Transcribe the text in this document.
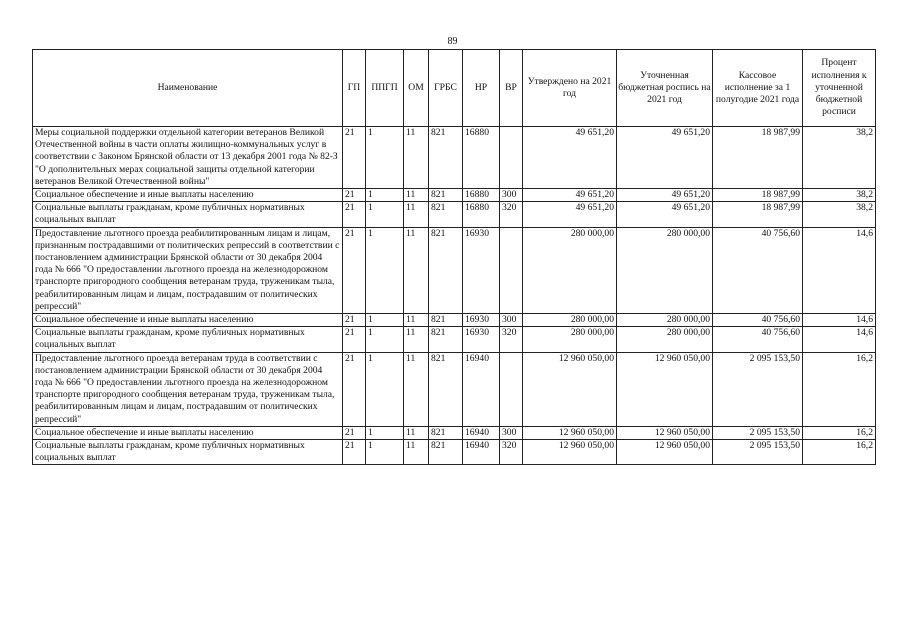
89
Наименование	ГП	ППГП	ОМ	ГРБС	НР	ВР	Утверждено на 2021 год	Уточненная бюджетная роспись на 2021 год	Кассовое исполнение за 1 полугодие 2021 года	Процент исполнения к уточненной бюджетной росписи
Меры социальной поддержки отдельной категории ветеранов Великой Отечественной войны в части оплаты жилищно-коммунальных услуг в соответствии с Законом Брянской области от 13 декабря 2001 года № 82-З "О дополнительных мерах социальной защиты отдельной категории ветеранов Великой Отечественной войны"	21	1	11	821	16880		49 651,20	49 651,20	18 987,99	38,2
Социальное обеспечение и иные выплаты населению	21	1	11	821	16880	300	49 651,20	49 651,20	18 987,99	38,2
Социальные выплаты гражданам, кроме публичных нормативных социальных выплат	21	1	11	821	16880	320	49 651,20	49 651,20	18 987,99	38,2
Предоставление льготного проезда реабилитированным лицам и лицам, признанным пострадавшими от политических репрессий в соответствии с постановлением администрации Брянской области от 30 декабря 2004 года № 666 "О предоставлении льготного проезда на железнодорожном транспорте пригородного сообщения ветеранам труда, труженикам тыла, реабилитированным лицам и лицам, пострадавшим от политических репрессий"	21	1	11	821	16930		280 000,00	280 000,00	40 756,60	14,6
Социальное обеспечение и иные выплаты населению	21	1	11	821	16930	300	280 000,00	280 000,00	40 756,60	14,6
Социальные выплаты гражданам, кроме публичных нормативных социальных выплат	21	1	11	821	16930	320	280 000,00	280 000,00	40 756,60	14,6
Предоставление льготного проезда ветеранам труда в соответствии с постановлением администрации Брянской области от 30 декабря 2004 года № 666 "О предоставлении льготного проезда на железнодорожном транспорте пригородного сообщения ветеранам труда, труженикам тыла, реабилитированным лицам и лицам, пострадавшим от политических репрессий"	21	1	11	821	16940		12 960 050,00	12 960 050,00	2 095 153,50	16,2
Социальное обеспечение и иные выплаты населению	21	1	11	821	16940	300	12 960 050,00	12 960 050,00	2 095 153,50	16,2
Социальные выплаты гражданам, кроме публичных нормативных социальных выплат	21	1	11	821	16940	320	12 960 050,00	12 960 050,00	2 095 153,50	16,2
